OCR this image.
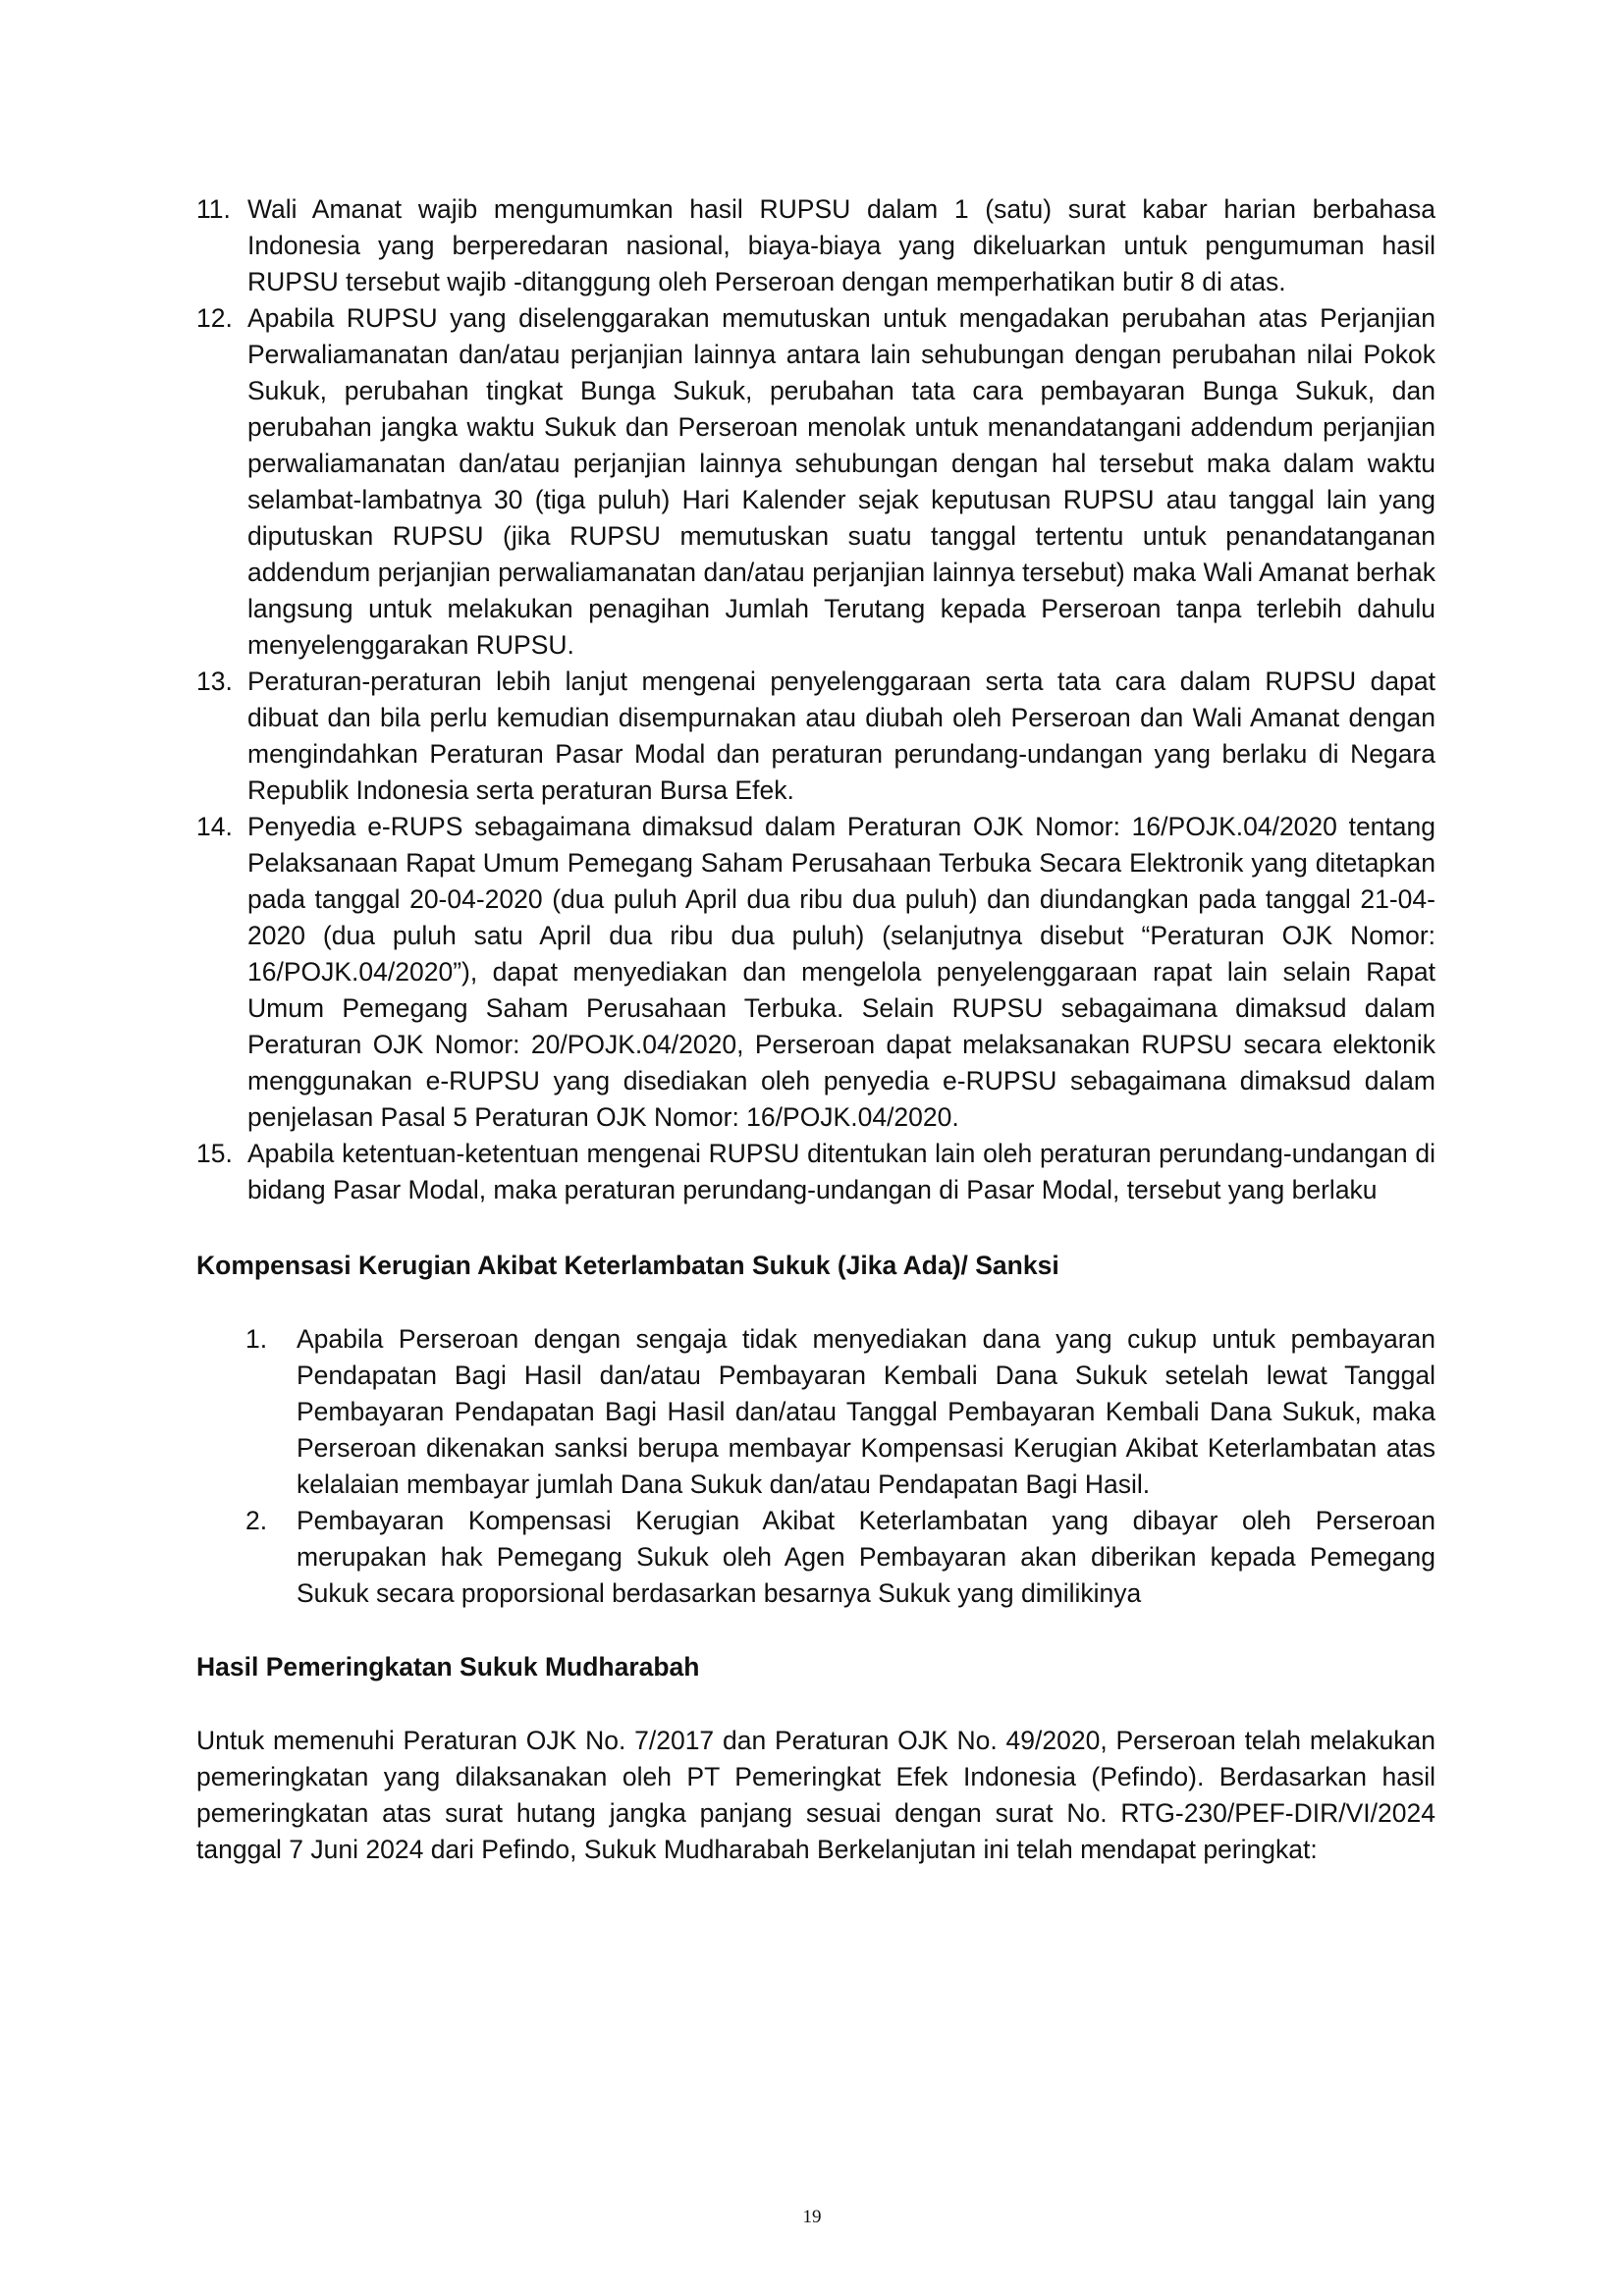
11. Wali Amanat wajib mengumumkan hasil RUPSU dalam 1 (satu) surat kabar harian berbahasa Indonesia yang berperedaran nasional, biaya-biaya yang dikeluarkan untuk pengumuman hasil RUPSU tersebut wajib -ditanggung oleh Perseroan dengan memperhatikan butir 8 di atas.
12. Apabila RUPSU yang diselenggarakan memutuskan untuk mengadakan perubahan atas Perjanjian Perwaliamanatan dan/atau perjanjian lainnya antara lain sehubungan dengan perubahan nilai Pokok Sukuk, perubahan tingkat Bunga Sukuk, perubahan tata cara pembayaran Bunga Sukuk, dan perubahan jangka waktu Sukuk dan Perseroan menolak untuk menandatangani addendum perjanjian perwaliamanatan dan/atau perjanjian lainnya sehubungan dengan hal tersebut maka dalam waktu selambat-lambatnya 30 (tiga puluh) Hari Kalender sejak keputusan RUPSU atau tanggal lain yang diputuskan RUPSU (jika RUPSU memutuskan suatu tanggal tertentu untuk penandatanganan addendum perjanjian perwaliamanatan dan/atau perjanjian lainnya tersebut) maka Wali Amanat berhak langsung untuk melakukan penagihan Jumlah Terutang kepada Perseroan tanpa terlebih dahulu menyelenggarakan RUPSU.
13. Peraturan-peraturan lebih lanjut mengenai penyelenggaraan serta tata cara dalam RUPSU dapat dibuat dan bila perlu kemudian disempurnakan atau diubah oleh Perseroan dan Wali Amanat dengan mengindahkan Peraturan Pasar Modal dan peraturan perundang-undangan yang berlaku di Negara Republik Indonesia serta peraturan Bursa Efek.
14. Penyedia e-RUPS sebagaimana dimaksud dalam Peraturan OJK Nomor: 16/POJK.04/2020 tentang Pelaksanaan Rapat Umum Pemegang Saham Perusahaan Terbuka Secara Elektronik yang ditetapkan pada tanggal 20-04-2020 (dua puluh April dua ribu dua puluh) dan diundangkan pada tanggal 21-04-2020 (dua puluh satu April dua ribu dua puluh) (selanjutnya disebut “Peraturan OJK Nomor: 16/POJK.04/2020”), dapat menyediakan dan mengelola penyelenggaraan rapat lain selain Rapat Umum Pemegang Saham Perusahaan Terbuka. Selain RUPSU sebagaimana dimaksud dalam Peraturan OJK Nomor: 20/POJK.04/2020, Perseroan dapat melaksanakan RUPSU secara elektonik menggunakan e-RUPSU yang disediakan oleh penyedia e-RUPSU sebagaimana dimaksud dalam penjelasan Pasal 5 Peraturan OJK Nomor: 16/POJK.04/2020.
15. Apabila ketentuan-ketentuan mengenai RUPSU ditentukan lain oleh peraturan perundang-undangan di bidang Pasar Modal, maka peraturan perundang-undangan di Pasar Modal, tersebut yang berlaku

Kompensasi Kerugian Akibat Keterlambatan Sukuk (Jika Ada)/ Sanksi

1. Apabila Perseroan dengan sengaja tidak menyediakan dana yang cukup untuk pembayaran Pendapatan Bagi Hasil dan/atau Pembayaran Kembali Dana Sukuk setelah lewat Tanggal Pembayaran Pendapatan Bagi Hasil dan/atau Tanggal Pembayaran Kembali Dana Sukuk, maka Perseroan dikenakan sanksi berupa membayar Kompensasi Kerugian Akibat Keterlambatan atas kelalaian membayar jumlah Dana Sukuk dan/atau Pendapatan Bagi Hasil.
2. Pembayaran Kompensasi Kerugian Akibat Keterlambatan yang dibayar oleh Perseroan merupakan hak Pemegang Sukuk oleh Agen Pembayaran akan diberikan kepada Pemegang Sukuk secara proporsional berdasarkan besarnya Sukuk yang dimilikinya

Hasil Pemeringkatan Sukuk Mudharabah

Untuk memenuhi Peraturan OJK No. 7/2017 dan Peraturan OJK No. 49/2020, Perseroan telah melakukan pemeringkatan yang dilaksanakan oleh PT Pemeringkat Efek Indonesia (Pefindo). Berdasarkan hasil pemeringkatan atas surat hutang jangka panjang sesuai dengan surat No. RTG-230/PEF-DIR/VI/2024 tanggal 7 Juni 2024 dari Pefindo, Sukuk Mudharabah Berkelanjutan ini telah mendapat peringkat:

19
